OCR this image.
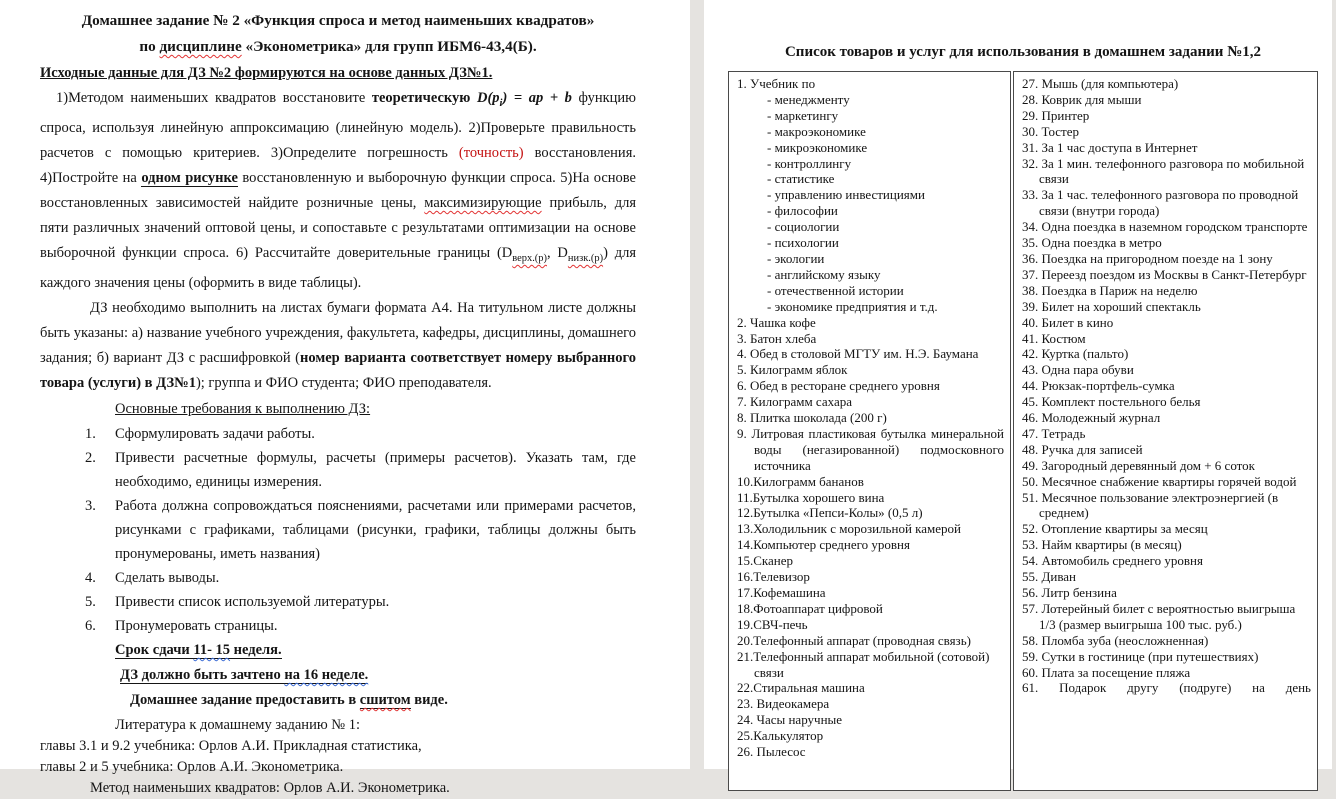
Домашнее задание № 2 «Функция спроса и метод наименьших квадратов»
по дисциплине «Эконометрика» для групп ИБМ6-43,4(Б).
Исходные данные для ДЗ №2 формируются на основе данных ДЗ№1.

1)Методом наименьших квадратов восстановите теоретическую $D(p_i)$ = ap + b функцию спроса, используя линейную аппроксимацию (линейную модель). 2)Проверьте правильность расчетов с помощью критериев. 3)Определите погрешность (точность) восстановления. 4)Постройте на одном рисунке восстановленную и выборочную функции спроса. 5)На основе восстановленных зависимостей найдите розничные цены, максимизирующие прибыль, для пяти различных значений оптовой цены, и сопоставьте с результатами оптимизации на основе выборочной функции спроса. 6) Рассчитайте доверительные границы ($D_{верх.(p)}$, $D_{низк.(p)}$) для каждого значения цены (оформить в виде таблицы).

ДЗ необходимо выполнить на листах бумаги формата А4. На титульном листе должны быть указаны: а) название учебного учреждения, факультета, кафедры, дисциплины, домашнего задания; б) вариант ДЗ с расшифровкой (номер варианта соответствует номеру выбранного товара (услуги) в ДЗ№1); группа и ФИО студента; ФИО преподавателя.

Основные требования к выполнению ДЗ:
1. Сформулировать задачи работы.
2. Привести расчетные формулы, расчеты (примеры расчетов). Указать там, где необходимо, единицы измерения.
3. Работа должна сопровождаться пояснениями, расчетами или примерами расчетов, рисунками с графиками, таблицами (рисунки, графики, таблицы должны быть пронумерованы, иметь названия)
4. Сделать выводы.
5. Привести список используемой литературы.
6. Пронумеровать страницы.
Срок сдачи 11- 15 неделя.
ДЗ должно быть зачтено на 16 неделе.
Домашнее задание предоставить в сшитом виде.
Литература к домашнему заданию № 1:
главы 3.1 и 9.2 учебника: Орлов А.И. Прикладная статистика,
главы 2 и 5 учебника: Орлов А.И. Эконометрика.
Метод наименьших квадратов: Орлов А.И. Эконометрика.
Список товаров и услуг для использования в домашнем задании №1,2
1. Учебник по
- менеджменту
- маркетингу
- макроэкономике
- микроэкономике
- контроллингу
- статистике
- управлению инвестициями
- философии
- социологии
- психологии
- экологии
- английскому языку
- отечественной истории
- экономике предприятия и т.д.
2. Чашка кофе
3. Батон хлеба
4. Обед в столовой МГТУ им. Н.Э. Баумана
5. Килограмм яблок
6. Обед в ресторане среднего уровня
7. Килограмм сахара
8. Плитка шоколада (200 г)
9. Литровая пластиковая бутылка минеральной воды (негазированной) подмосковного источника
10.Килограмм бананов
11.Бутылка хорошего вина
12.Бутылка «Пепси-Колы» (0,5 л)
13.Холодильник с морозильной камерой
14.Компьютер среднего уровня
15.Сканер
16.Телевизор
17.Кофемашина
18.Фотоаппарат цифровой
19.СВЧ-печь
20.Телефонный аппарат (проводная связь)
21.Телефонный аппарат мобильной (сотовой) связи
22.Стиральная машина
23. Видеокамера
24. Часы наручные
25.Калькулятор
26. Пылесос
27. Мышь (для компьютера)
28. Коврик для мыши
29. Принтер
30. Тостер
31. За 1 час доступа в Интернет
32. За 1 мин. телефонного разговора по мобильной связи
33. За 1 час. телефонного разговора по проводной связи (внутри города)
34. Одна поездка в наземном городском транспорте
35. Одна поездка в метро
36. Поездка на пригородном поезде на 1 зону
37. Переезд поездом из Москвы в Санкт-Петербург
38. Поездка в Париж на неделю
39. Билет на хороший спектакль
40. Билет в кино
41. Костюм
42. Куртка (пальто)
43. Одна пара обуви
44. Рюкзак-портфель-сумка
45. Комплект постельного белья
46. Молодежный журнал
47. Тетрадь
48. Ручка для записей
49. Загородный деревянный дом + 6 соток
50. Месячное снабжение квартиры горячей водой
51. Месячное пользование электроэнергией (в среднем)
52. Отопление квартиры за месяц
53. Найм квартиры (в месяц)
54. Автомобиль среднего уровня
55. Диван
56. Литр бензина
57. Лотерейный билет с вероятностью выигрыша 1/3 (размер выигрыша 100 тыс. руб.)
58. Пломба зуба (неосложненная)
59. Сутки в гостинице (при путешествиях)
60. Плата за посещение пляжа
61. Подарок другу (подруге) на день
